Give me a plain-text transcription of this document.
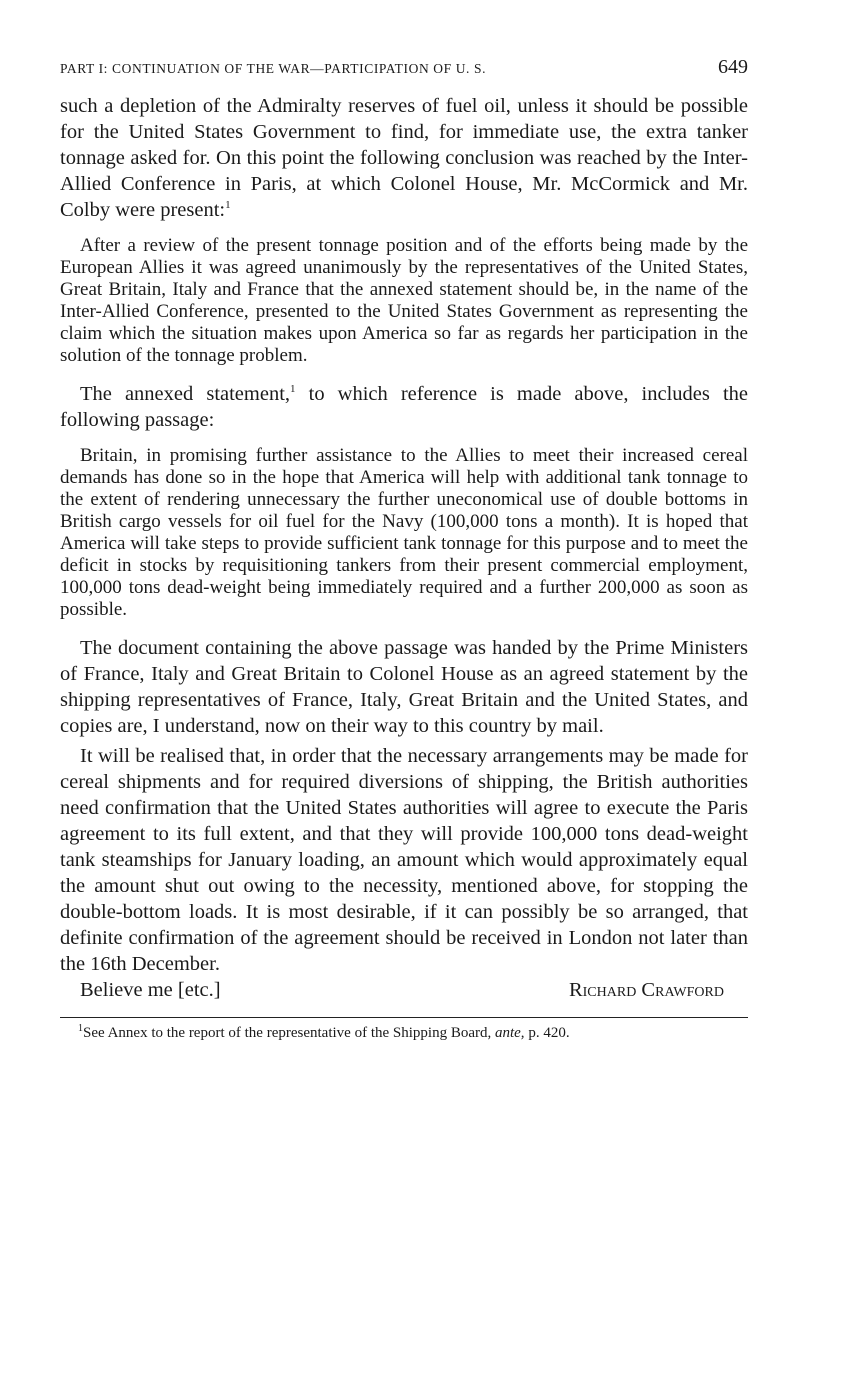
PART I: CONTINUATION OF THE WAR—PARTICIPATION OF U. S.	649

such a depletion of the Admiralty reserves of fuel oil, unless it should be possible for the United States Government to find, for immediate use, the extra tanker tonnage asked for. On this point the following conclusion was reached by the Inter-Allied Conference in Paris, at which Colonel House, Mr. McCormick and Mr. Colby were present:$^1$

After a review of the present tonnage position and of the efforts being made by the European Allies it was agreed unanimously by the representatives of the United States, Great Britain, Italy and France that the annexed statement should be, in the name of the Inter-Allied Conference, presented to the United States Government as representing the claim which the situation makes upon America so far as regards her participation in the solution of the tonnage problem.

The annexed statement,$^1$ to which reference is made above, includes the following passage:

Britain, in promising further assistance to the Allies to meet their increased cereal demands has done so in the hope that America will help with additional tank tonnage to the extent of rendering unnecessary the further uneconomical use of double bottoms in British cargo vessels for oil fuel for the Navy (100,000 tons a month). It is hoped that America will take steps to provide sufficient tank tonnage for this purpose and to meet the deficit in stocks by requisitioning tankers from their present commercial employment, 100,000 tons dead-weight being immediately required and a further 200,000 as soon as possible.

The document containing the above passage was handed by the Prime Ministers of France, Italy and Great Britain to Colonel House as an agreed statement by the shipping representatives of France, Italy, Great Britain and the United States, and copies are, I understand, now on their way to this country by mail.

It will be realised that, in order that the necessary arrangements may be made for cereal shipments and for required diversions of shipping, the British authorities need confirmation that the United States authorities will agree to execute the Paris agreement to its full extent, and that they will provide 100,000 tons dead-weight tank steamships for January loading, an amount which would approximately equal the amount shut out owing to the necessity, mentioned above, for stopping the double-bottom loads. It is most desirable, if it can possibly be so arranged, that definite confirmation of the agreement should be received in London not later than the 16th December.

Believe me [etc.]	Richard Crawford

$^1$See Annex to the report of the representative of the Shipping Board, ante, p. 420.
